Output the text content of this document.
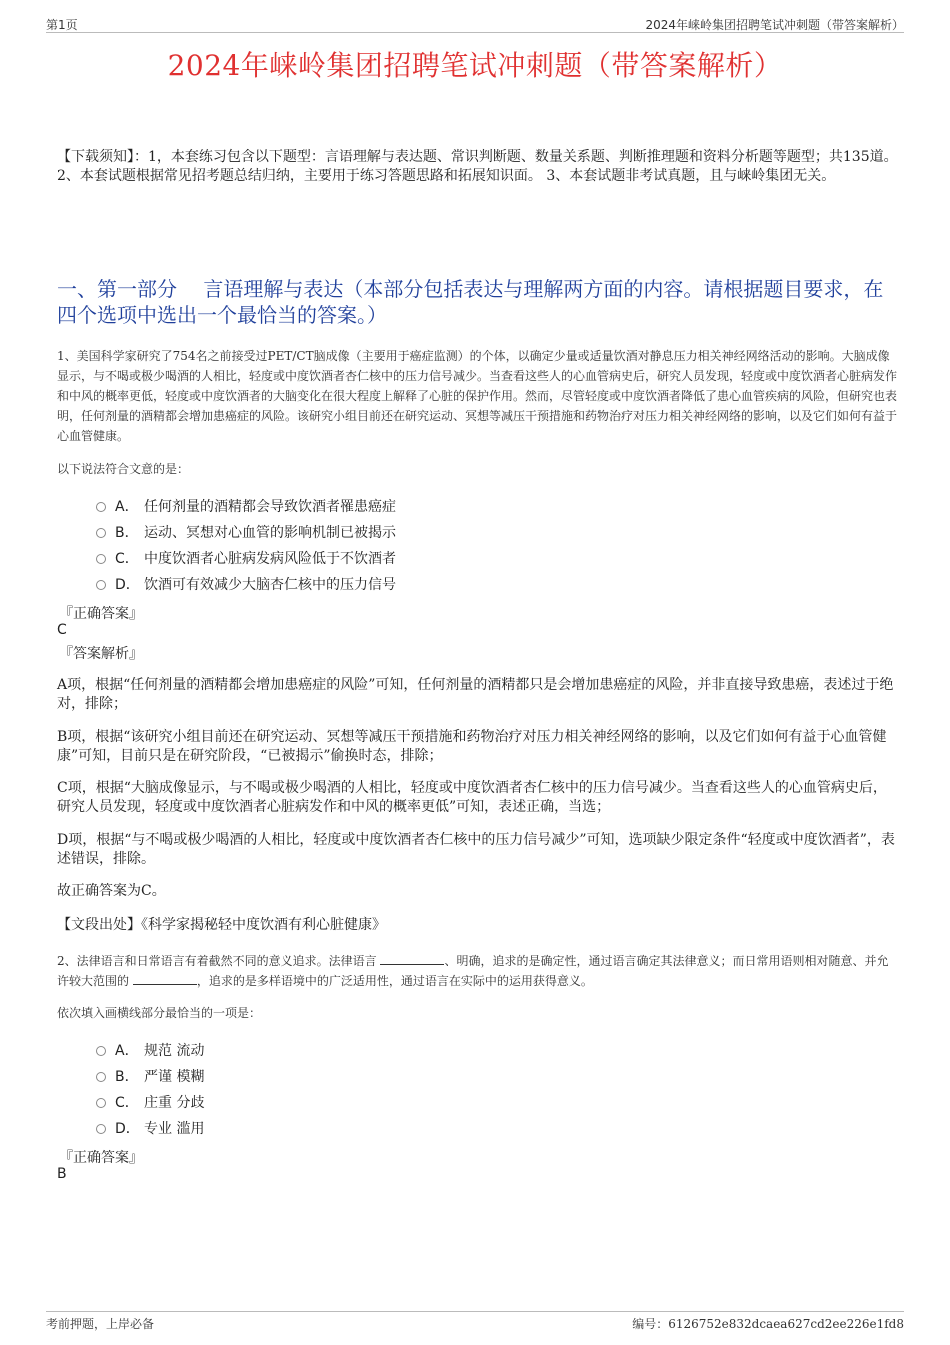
第1页	2024年崃岭集团招聘笔试冲刺题（带答案解析）
2024年崃岭集团招聘笔试冲刺题（带答案解析）
【下载须知】：1，本套练习包含以下题型：言语理解与表达题、常识判断题、数量关系题、判断推理题和资料分析题等题型；共135道。 2、本套试题根据常见招考题总结归纳，主要用于练习答题思路和拓展知识面。 3、本套试题非考试真题，且与崃岭集团无关。
一、第一部分　 言语理解与表达（本部分包括表达与理解两方面的内容。请根据题目要求，在四个选项中选出一个最恰当的答案。）
1、美国科学家研究了754名之前接受过PET/CT脑成像（主要用于癌症监测）的个体，以确定少量或适量饮酒对静息压力相关神经网络活动的影响。大脑成像显示，与不喝或极少喝酒的人相比，轻度或中度饮酒者杏仁核中的压力信号减少。当查看这些人的心血管病史后，研究人员发现，轻度或中度饮酒者心脏病发作和中风的概率更低，轻度或中度饮酒者的大脑变化在很大程度上解释了心脏的保护作用。然而，尽管轻度或中度饮酒者降低了患心血管疾病的风险，但研究也表明，任何剂量的酒精都会增加患癌症的风险。该研究小组目前还在研究运动、冥想等减压干预措施和药物治疗对压力相关神经网络的影响，以及它们如何有益于心血管健康。
以下说法符合文意的是：
A． 任何剂量的酒精都会导致饮酒者罹患癌症
B． 运动、冥想对心血管的影响机制已被揭示
C． 中度饮酒者心脏病发病风险低于不饮酒者
D． 饮酒可有效减少大脑杏仁核中的压力信号
『正确答案』
C
『答案解析』
A项，根据“任何剂量的酒精都会增加患癌症的风险”可知，任何剂量的酒精都只是会增加患癌症的风险，并非直接导致患癌，表述过于绝对，排除；
B项，根据“该研究小组目前还在研究运动、冥想等减压干预措施和药物治疗对压力相关神经网络的影响，以及它们如何有益于心血管健康”可知，目前只是在研究阶段，“已被揭示”偷换时态，排除；
C项，根据“大脑成像显示，与不喝或极少喝酒的人相比，轻度或中度饮酒者杏仁核中的压力信号减少。当查看这些人的心血管病史后，研究人员发现，轻度或中度饮酒者心脏病发作和中风的概率更低”可知，表述正确，当选；
D项，根据“与不喝或极少喝酒的人相比，轻度或中度饮酒者杏仁核中的压力信号减少”可知，选项缺少限定条件“轻度或中度饮酒者”，表述错误，排除。
故正确答案为C。
【文段出处】《科学家揭秘轻中度饮酒有利心脏健康》
2、法律语言和日常语言有着截然不同的意义追求。法律语言	、明确，追求的是确定性，通过语言确定其法律意义；而日常用语则相对随意、并允许较大范围的	，追求的是多样语境中的广泛适用性，通过语言在实际中的运用获得意义。
依次填入画横线部分最恰当的一项是：
A． 规范 流动
B． 严谨 模糊
C． 庄重 分歧
D． 专业 滥用
『正确答案』
B
考前押题，上岸必备	编号：6126752e832dcaea627cd2ee226e1fd8
